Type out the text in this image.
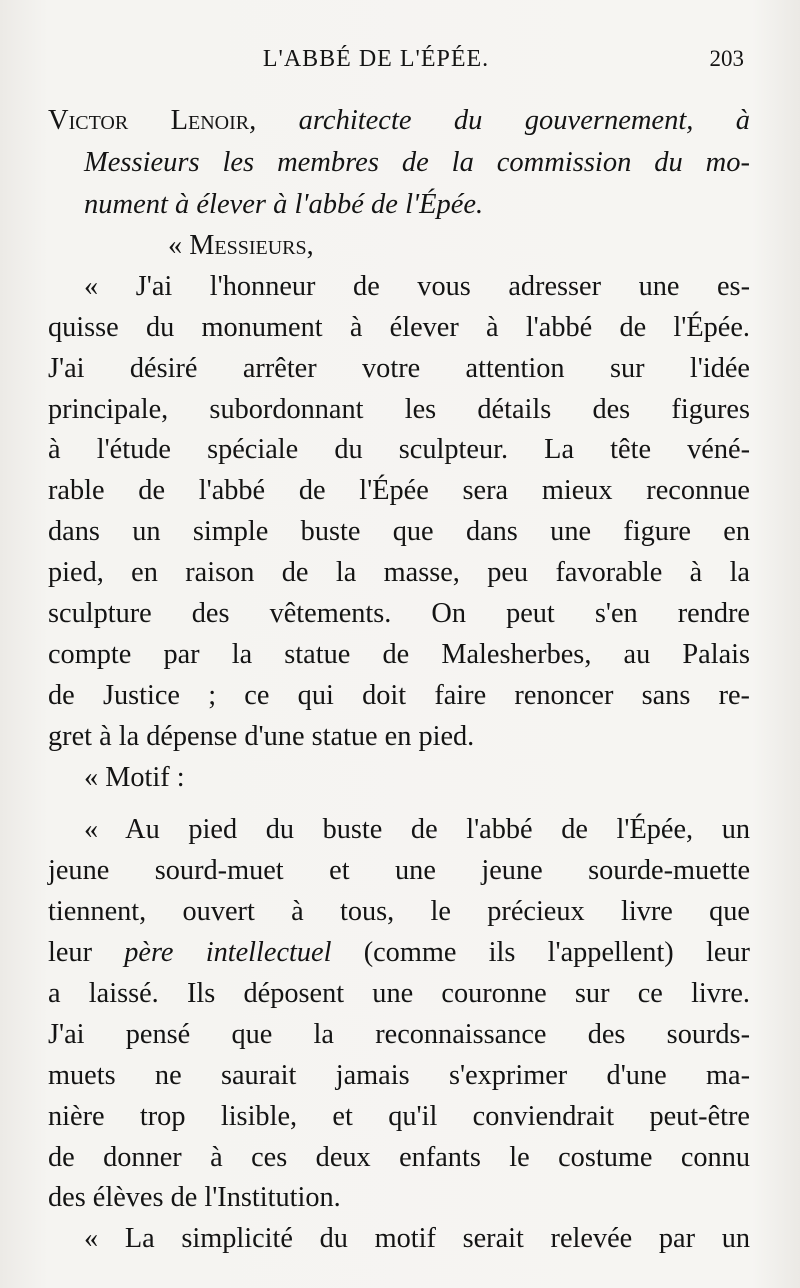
L'ABBÉ DE L'ÉPÉE.	203
Victor Lenoir, architecte du gouvernement, à
Messieurs les membres de la commission du mo-
nument à élever à l'abbé de l'Épée.
« Messieurs,
« J'ai l'honneur de vous adresser une es-
quisse du monument à élever à l'abbé de l'Épée.
J'ai désiré arrêter votre attention sur l'idée
principale, subordonnant les détails des figures
à l'étude spéciale du sculpteur. La tête véné-
rable de l'abbé de l'Épée sera mieux reconnue
dans un simple buste que dans une figure en
pied, en raison de la masse, peu favorable à la
sculpture des vêtements. On peut s'en rendre
compte par la statue de Malesherbes, au Palais
de Justice ; ce qui doit faire renoncer sans re-
gret à la dépense d'une statue en pied.
« Motif :
« Au pied du buste de l'abbé de l'Épée, un
jeune sourd-muet et une jeune sourde-muette
tiennent, ouvert à tous, le précieux livre que
leur père intellectuel (comme ils l'appellent) leur
a laissé. Ils déposent une couronne sur ce livre.
J'ai pensé que la reconnaissance des sourds-
muets ne saurait jamais s'exprimer d'une ma-
nière trop lisible, et qu'il conviendrait peut-être
de donner à ces deux enfants le costume connu
des élèves de l'Institution.
« La simplicité du motif serait relevée par un
